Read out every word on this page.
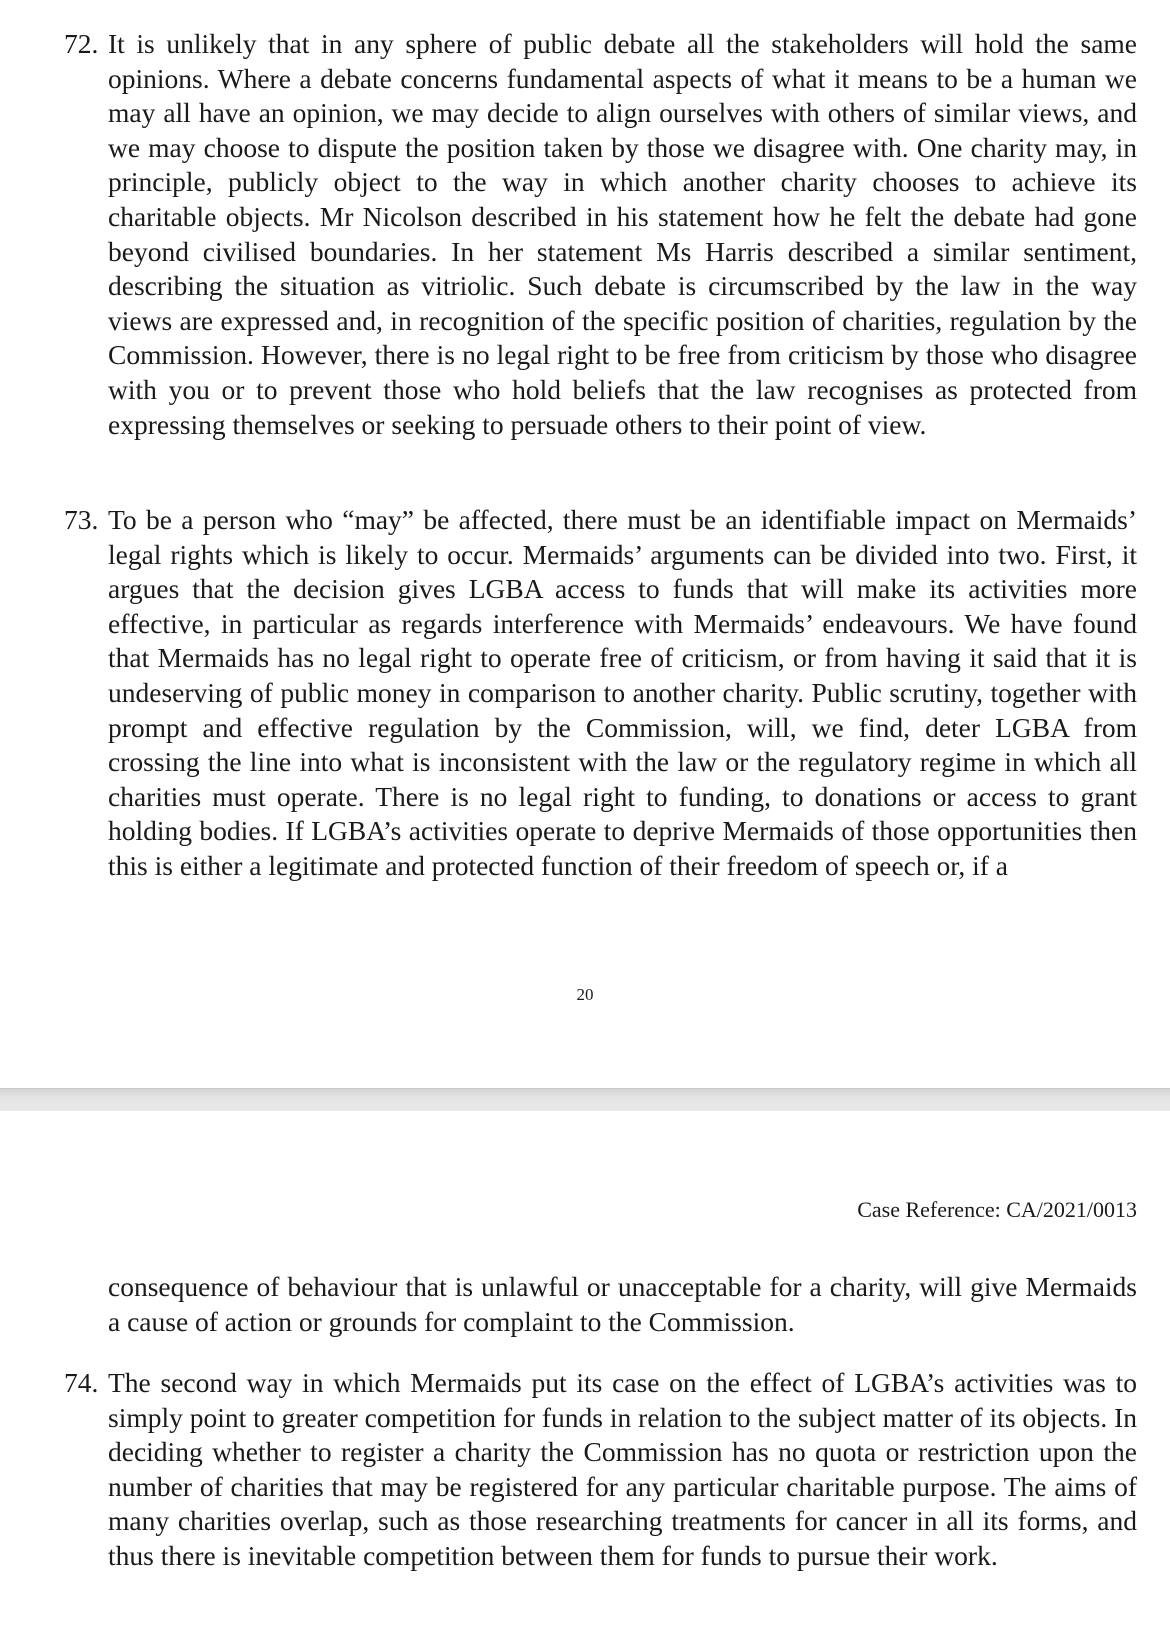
72. It is unlikely that in any sphere of public debate all the stakeholders will hold the same opinions. Where a debate concerns fundamental aspects of what it means to be a human we may all have an opinion, we may decide to align ourselves with others of similar views, and we may choose to dispute the position taken by those we disagree with. One charity may, in principle, publicly object to the way in which another charity chooses to achieve its charitable objects. Mr Nicolson described in his statement how he felt the debate had gone beyond civilised boundaries. In her statement Ms Harris described a similar sentiment, describing the situation as vitriolic. Such debate is circumscribed by the law in the way views are expressed and, in recognition of the specific position of charities, regulation by the Commission. However, there is no legal right to be free from criticism by those who disagree with you or to prevent those who hold beliefs that the law recognises as protected from expressing themselves or seeking to persuade others to their point of view.
73. To be a person who “may” be affected, there must be an identifiable impact on Mermaids’ legal rights which is likely to occur. Mermaids’ arguments can be divided into two. First, it argues that the decision gives LGBA access to funds that will make its activities more effective, in particular as regards interference with Mermaids’ endeavours. We have found that Mermaids has no legal right to operate free of criticism, or from having it said that it is undeserving of public money in comparison to another charity. Public scrutiny, together with prompt and effective regulation by the Commission, will, we find, deter LGBA from crossing the line into what is inconsistent with the law or the regulatory regime in which all charities must operate. There is no legal right to funding, to donations or access to grant holding bodies. If LGBA’s activities operate to deprive Mermaids of those opportunities then this is either a legitimate and protected function of their freedom of speech or, if a
20
Case Reference: CA/2021/0013
consequence of behaviour that is unlawful or unacceptable for a charity, will give Mermaids a cause of action or grounds for complaint to the Commission.
74. The second way in which Mermaids put its case on the effect of LGBA’s activities was to simply point to greater competition for funds in relation to the subject matter of its objects. In deciding whether to register a charity the Commission has no quota or restriction upon the number of charities that may be registered for any particular charitable purpose. The aims of many charities overlap, such as those researching treatments for cancer in all its forms, and thus there is inevitable competition between them for funds to pursue their work.
